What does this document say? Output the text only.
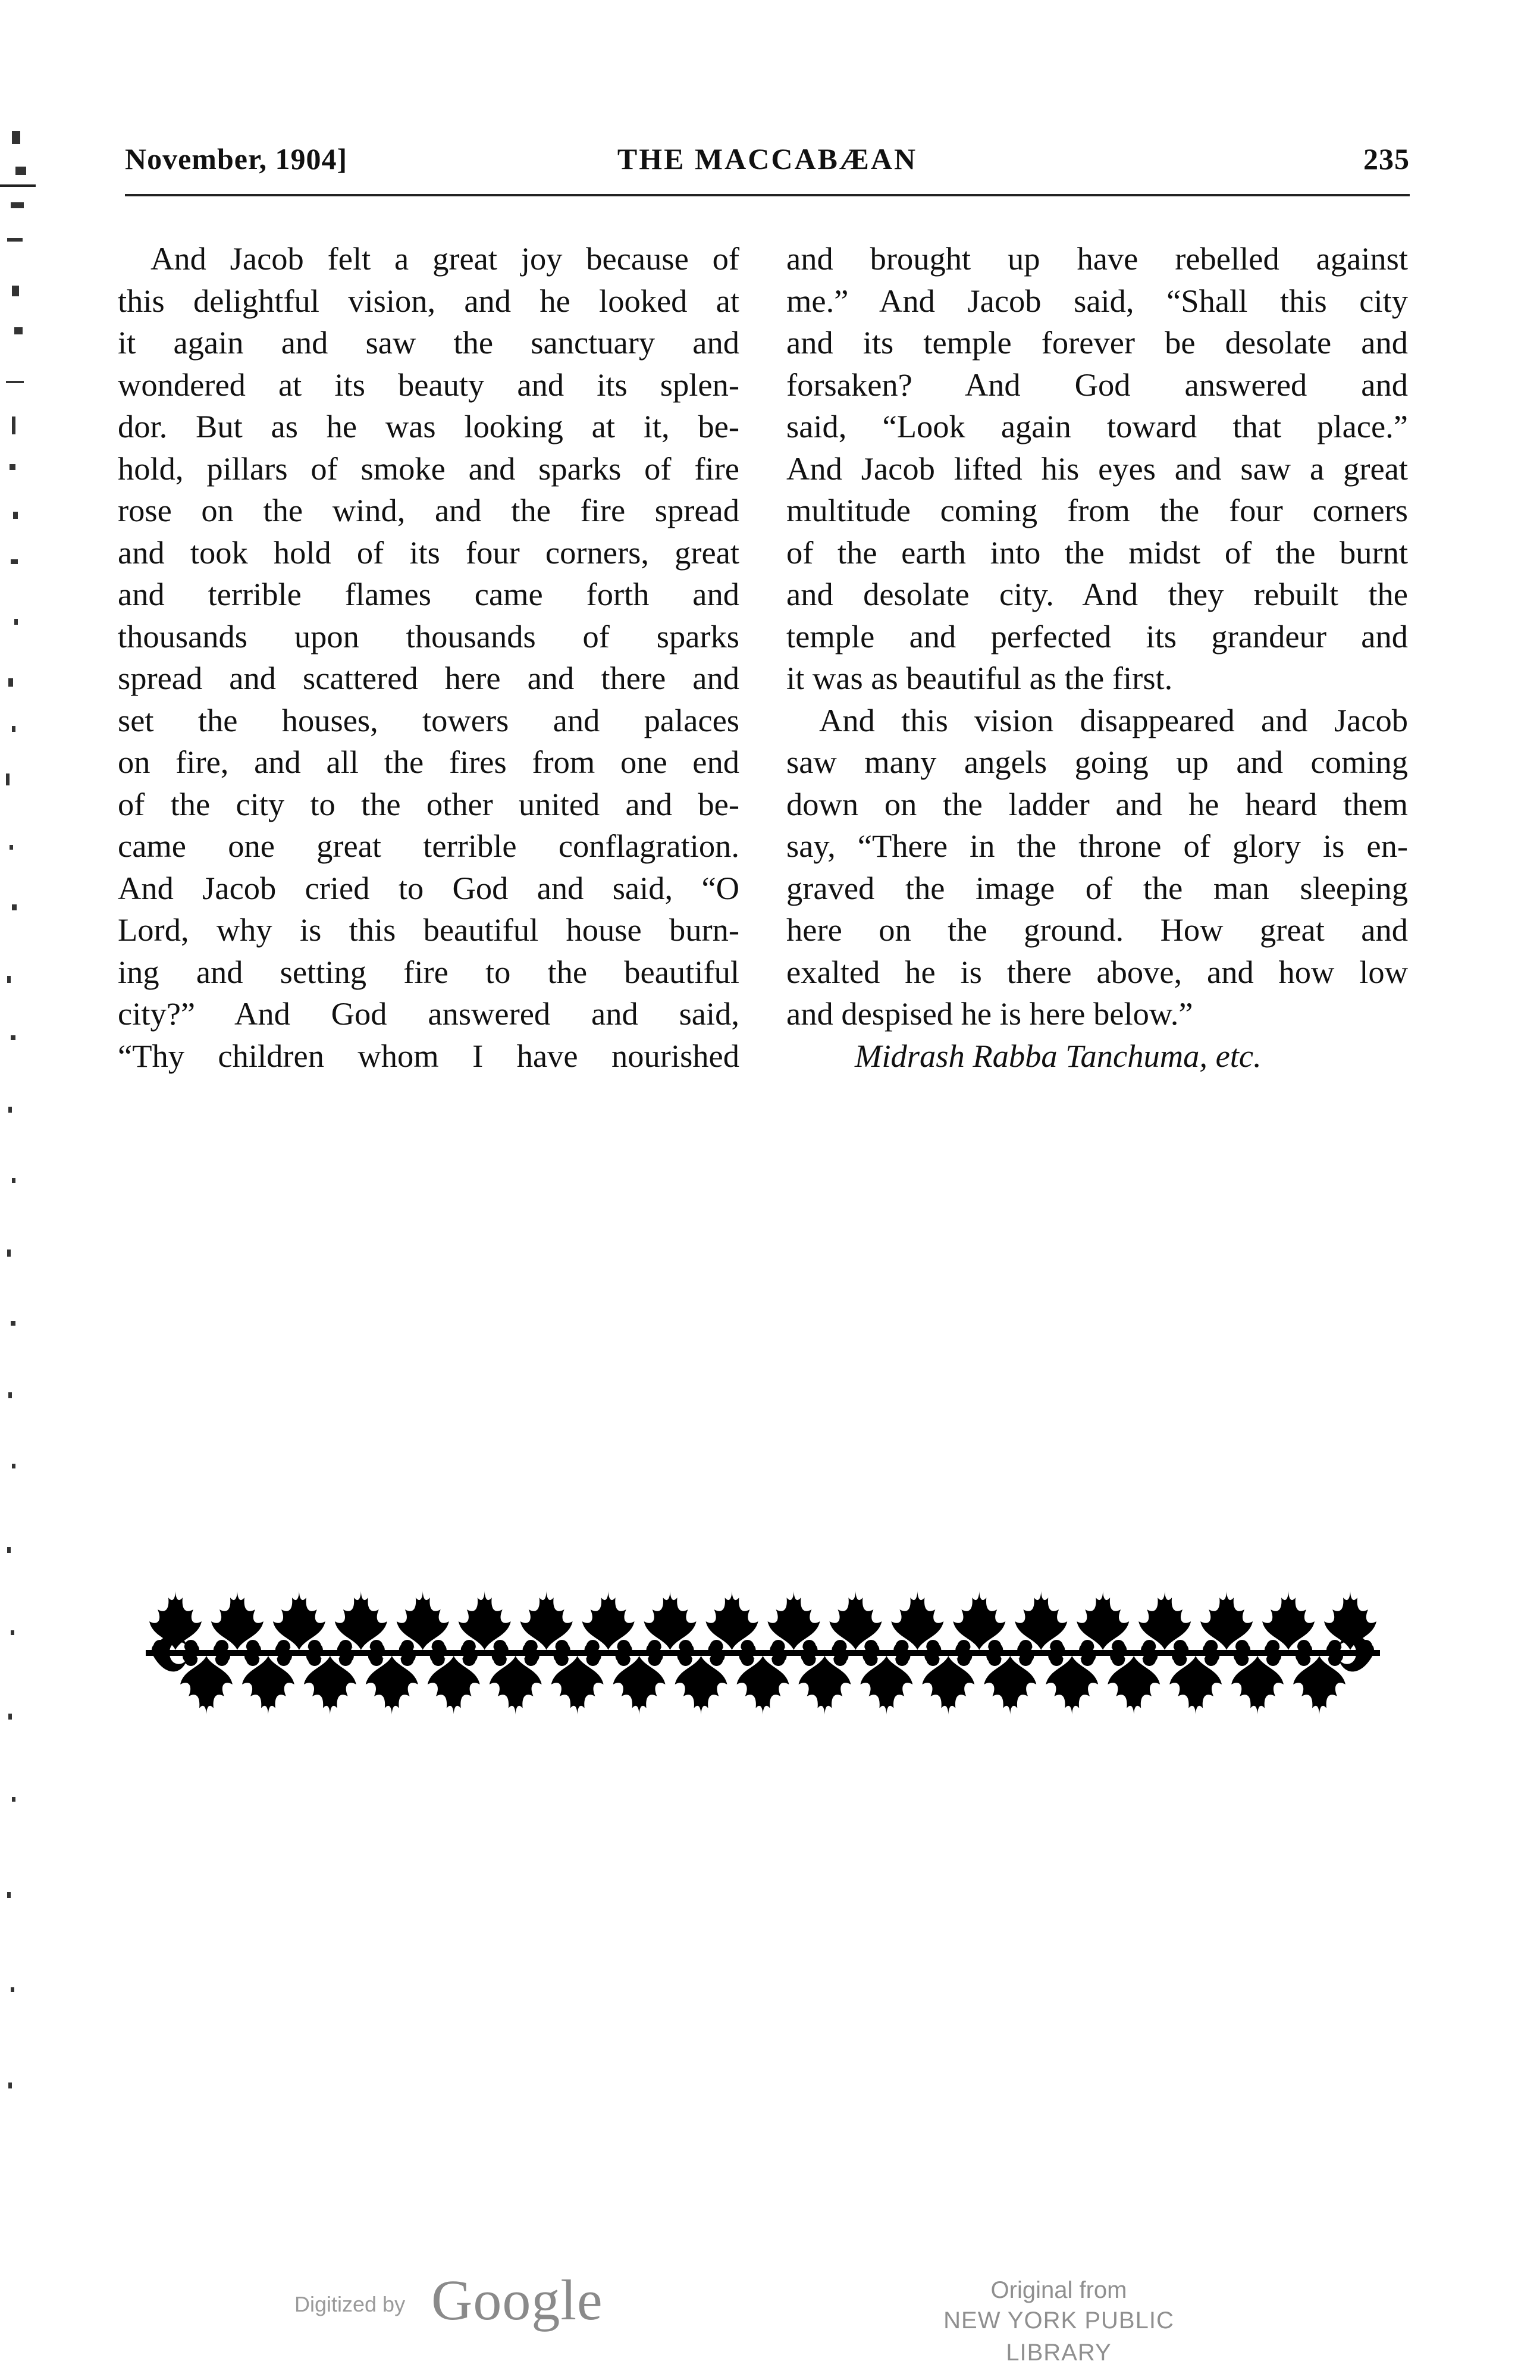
November, 1904]	THE MACCABÆAN	235
And Jacob felt a great joy because of
this delightful vision, and he looked at
it again and saw the sanctuary and
wondered at its beauty and its splen-
dor. But as he was looking at it, be-
hold, pillars of smoke and sparks of fire
rose on the wind, and the fire spread
and took hold of its four corners, great
and terrible flames came forth and
thousands upon thousands of sparks
spread and scattered here and there and
set the houses, towers and palaces
on fire, and all the fires from one end
of the city to the other united and be-
came one great terrible conflagration.
And Jacob cried to God and said, “O
Lord, why is this beautiful house burn-
ing and setting fire to the beautiful
city?” And God answered and said,
“Thy children whom I have nourished
and brought up have rebelled against
me.” And Jacob said, “Shall this city
and its temple forever be desolate and
forsaken? And God answered and
said, “Look again toward that place.”
And Jacob lifted his eyes and saw a great
multitude coming from the four corners
of the earth into the midst of the burnt
and desolate city. And they rebuilt the
temple and perfected its grandeur and
it was as beautiful as the first.
And this vision disappeared and Jacob
saw many angels going up and coming
down on the ladder and he heard them
say, “There in the throne of glory is en-
graved the image of the man sleeping
here on the ground. How great and
exalted he is there above, and how low
and despised he is here below.”
Midrash Rabba Tanchuma, etc.
Digitized by Google	Original from
NEW YORK PUBLIC LIBRARY
